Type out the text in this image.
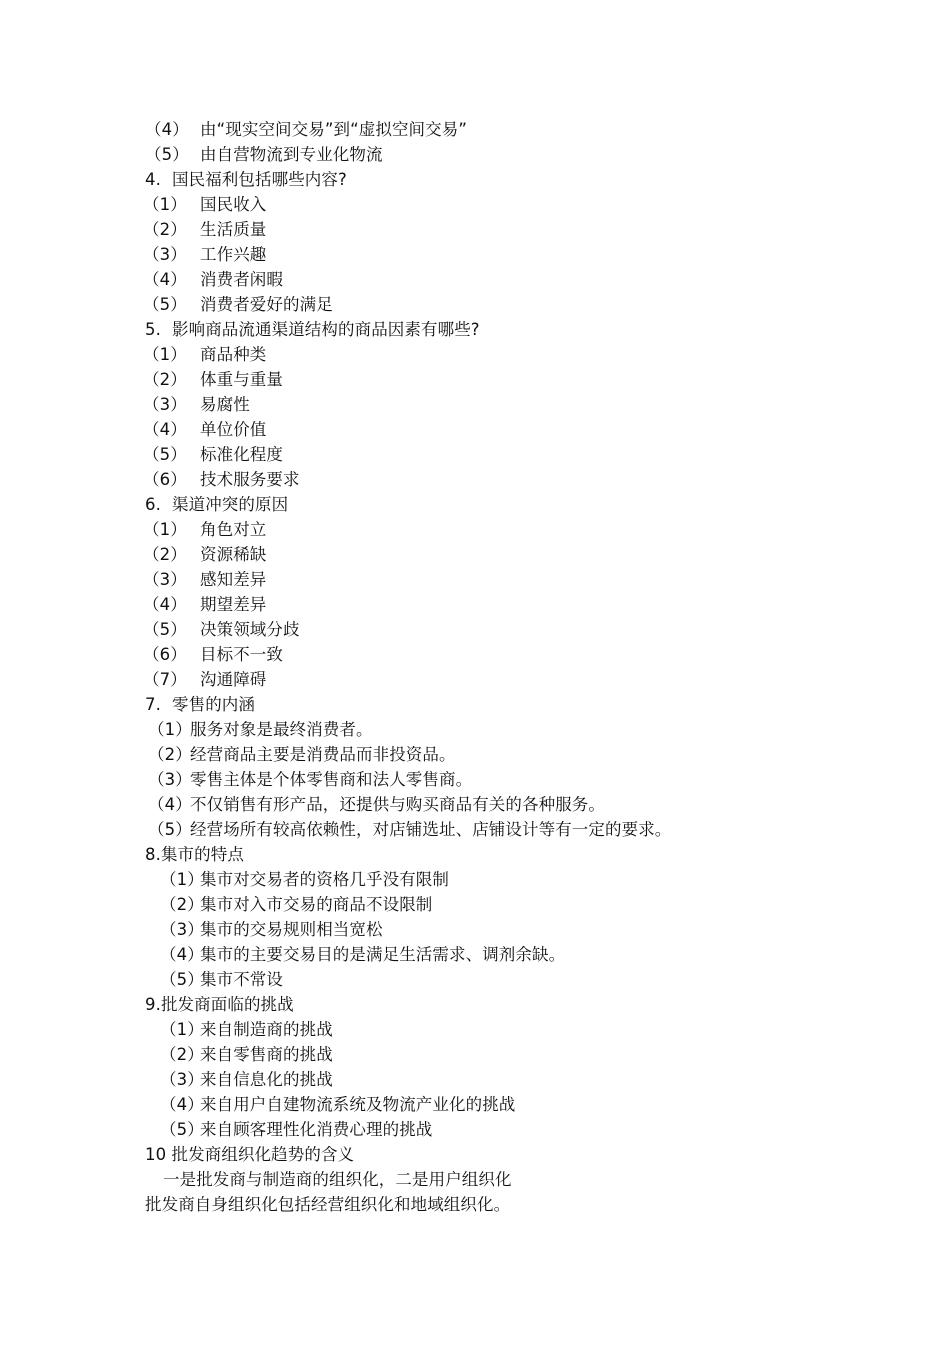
（4） 由“现实空间交易”到“虚拟空间交易”
（5） 由自营物流到专业化物流
4. 国民福利包括哪些内容?
（1） 国民收入
（2） 生活质量
（3） 工作兴趣
（4） 消费者闲暇
（5） 消费者爱好的满足
5. 影响商品流通渠道结构的商品因素有哪些?
（1） 商品种类
（2） 体重与重量
（3） 易腐性
（4） 单位价值
（5） 标准化程度
（6） 技术服务要求
6. 渠道冲突的原因
（1） 角色对立
（2） 资源稀缺
（3） 感知差异
（4） 期望差异
（5） 决策领域分歧
（6） 目标不一致
（7） 沟通障碍
7. 零售的内涵
（1）服务对象是最终消费者。
（2）经营商品主要是消费品而非投资品。
（3）零售主体是个体零售商和法人零售商。
（4）不仅销售有形产品，还提供与购买商品有关的各种服务。
（5）经营场所有较高依赖性，对店铺选址、店铺设计等有一定的要求。
8.集市的特点
（1）集市对交易者的资格几乎没有限制
（2）集市对入市交易的商品不设限制
（3）集市的交易规则相当宽松
（4）集市的主要交易目的是满足生活需求、调剂余缺。
（5）集市不常设
9.批发商面临的挑战
（1）来自制造商的挑战
（2）来自零售商的挑战
（3）来自信息化的挑战
（4）来自用户自建物流系统及物流产业化的挑战
（5）来自顾客理性化消费心理的挑战
10 批发商组织化趋势的含义
一是批发商与制造商的组织化，二是用户组织化
批发商自身组织化包括经营组织化和地域组织化。
